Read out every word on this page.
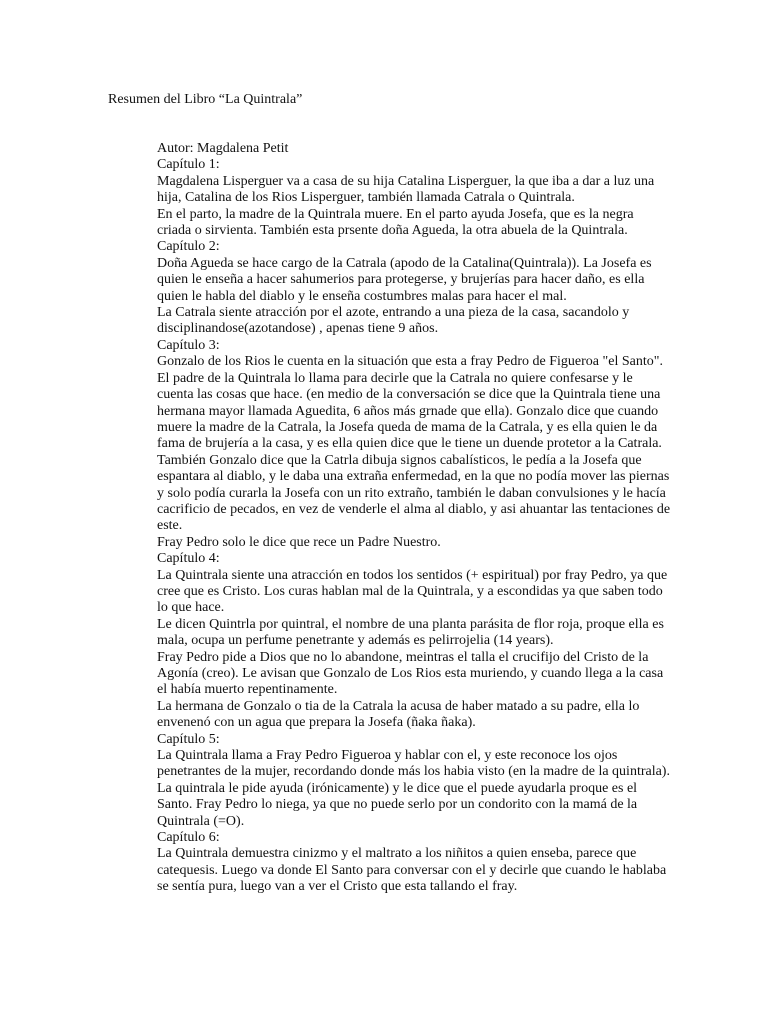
Resumen del Libro “La Quintrala”

Autor: Magdalena Petit

Capítulo 1:

Magdalena Lisperguer va a casa de su hija Catalina Lisperguer, la que iba a dar a luz una hija, Catalina de los Rios Lisperguer, también llamada Catrala o Quintrala.

En el parto, la madre de la Quintrala muere. En el parto ayuda Josefa, que es la negra criada o sirvienta. También esta prsente doña Agueda, la otra abuela de la Quintrala.

Capítulo 2:

Doña Agueda se hace cargo de la Catrala (apodo de la Catalina(Quintrala)). La Josefa es quien le enseña a hacer sahumerios para protegerse, y brujerías para hacer daño, es ella quien le habla del diablo y le enseña costumbres malas para hacer el mal.

La Catrala siente atracción por el azote, entrando a una pieza de la casa, sacandolo y disciplinandose(azotandose) , apenas tiene 9 años.

Capítulo 3:

Gonzalo de los Rios le cuenta en la situación que esta a fray Pedro de Figueroa "el Santo". El padre de la Quintrala lo llama para decirle que la Catrala no quiere confesarse y le cuenta las cosas que hace. (en medio de la conversación se dice que la Quintrala tiene una hermana mayor llamada Aguedita, 6 años más grnade que ella). Gonzalo dice que cuando muere la madre de la Catrala, la Josefa queda de mama de la Catrala, y es ella quien le da fama de brujería a la casa, y es ella quien dice que le tiene un duende protetor a la Catrala.

También Gonzalo dice que la Catrla dibuja signos cabalísticos, le pedía a la Josefa que espantara al diablo, y le daba una extraña enfermedad, en la que no podía mover las piernas y solo podía curarla la Josefa con un rito extraño, también le daban convulsiones y le hacía cacrificio de pecados, en vez de venderle el alma al diablo, y asi ahuantar las tentaciones de este.

Fray Pedro solo le dice que rece un Padre Nuestro.

Capítulo 4:

La Quintrala siente una atracción en todos los sentidos (+ espiritual) por fray Pedro, ya que cree que es Cristo. Los curas hablan mal de la Quintrala, y a escondidas ya que saben todo lo que hace.

Le dicen Quintrla por quintral, el nombre de una planta parásita de flor roja, proque ella es mala, ocupa un perfume penetrante y además es pelirrojelia (14 years).

Fray Pedro pide a Dios que no lo abandone, meintras el talla el crucifijo del Cristo de la Agonía (creo). Le avisan que Gonzalo de Los Rios esta muriendo, y cuando llega a la casa el había muerto repentinamente.

La hermana de Gonzalo o tia de la Catrala la acusa de haber matado a su padre, ella lo envenenó con un agua que prepara la Josefa (ñaka ñaka).

Capítulo 5:

La Quintrala llama a Fray Pedro Figueroa y hablar con el, y este reconoce los ojos penetrantes de la mujer, recordando donde más los habia visto (en la madre de la quintrala). La quintrala le pide ayuda (irónicamente) y le dice que el puede ayudarla proque es el Santo. Fray Pedro lo niega, ya que no puede serlo por un condorito con la mamá de la Quintrala (=O).

Capítulo 6:

La Quintrala demuestra cinizmo y el maltrato a los niñitos a quien enseba, parece que catequesis. Luego va donde El Santo para conversar con el y decirle que cuando le hablaba se sentía pura, luego van a ver el Cristo que esta tallando el fray.
